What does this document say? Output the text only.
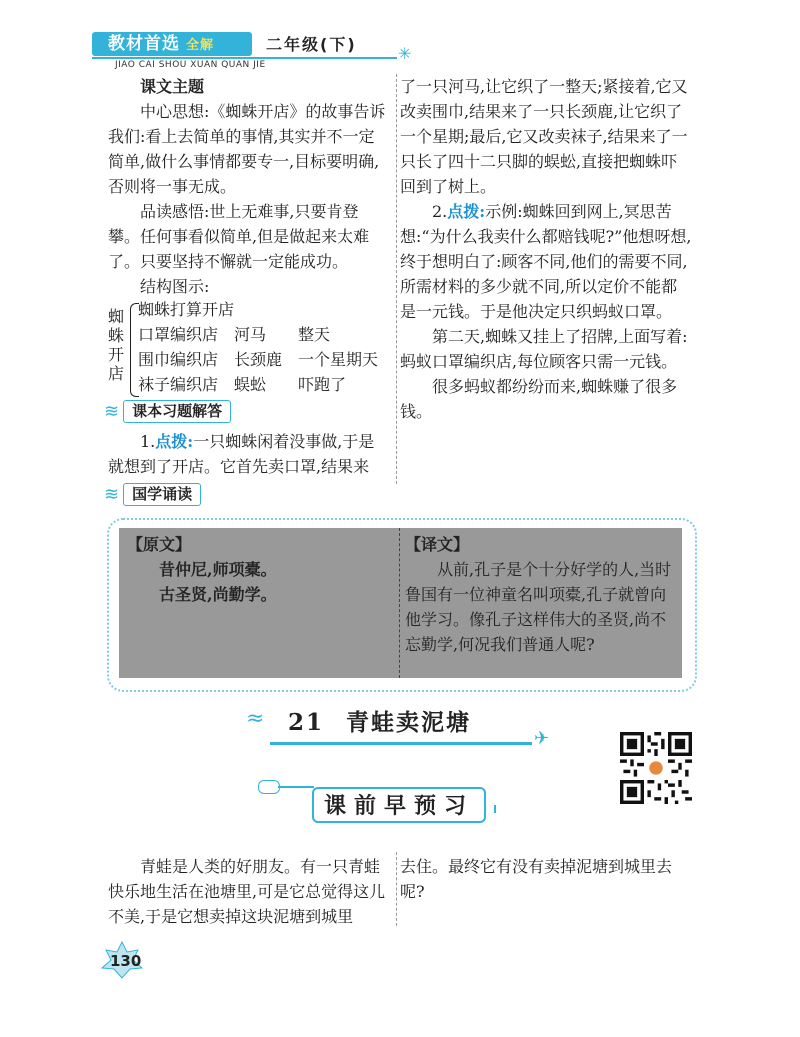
教材首选 全解	二年级(下)
JIAO CAI SHOU XUAN QUAN JIE
✳

课文主题

中心思想:《蜘蛛开店》的故事告诉我们:看上去简单的事情,其实并不一定简单,做什么事情都要专一,目标要明确,否则将一事无成。

品读感悟:世上无难事,只要肯登攀。任何事看似简单,但是做起来太难了。只要坚持不懈就一定能成功。

结构图示:

蜘蛛开店
蜘蛛打算开店
口罩编织店 河马 整天
围巾编织店 长颈鹿 一个星期天
袜子编织店 蜈蚣 吓跑了
≋ 课本习题解答

1.点拨:一只蜘蛛闲着没事做,于是就想到了开店。它首先卖口罩,结果来

了一只河马,让它织了一整天;紧接着,它又改卖围巾,结果来了一只长颈鹿,让它织了一个星期;最后,它又改卖袜子,结果来了一只长了四十二只脚的蜈蚣,直接把蜘蛛吓回到了树上。

2.点拨:示例:蜘蛛回到网上,冥思苦想:“为什么我卖什么都赔钱呢?”他想呀想,终于想明白了:顾客不同,他们的需要不同,所需材料的多少就不同,所以定价不能都是一元钱。于是他决定只织蚂蚁口罩。

第二天,蜘蛛又挂上了招牌,上面写着:蚂蚁口罩编织店,每位顾客只需一元钱。

很多蚂蚁都纷纷而来,蜘蛛赚了很多钱。

≋ 国学诵读

【原文】

昔仲尼,师项橐。

古圣贤,尚勤学。

【译文】

从前,孔子是个十分好学的人,当时鲁国有一位神童名叫项橐,孔子就曾向他学习。像孔子这样伟大的圣贤,尚不忘勤学,何况我们普通人呢?

≈ 21 青蛙卖泥塘
✈
课前早预习

青蛙是人类的好朋友。有一只青蛙快乐地生活在池塘里,可是它总觉得这儿不美,于是它想卖掉这块泥塘到城里

去住。最终它有没有卖掉泥塘到城里去呢?

130
